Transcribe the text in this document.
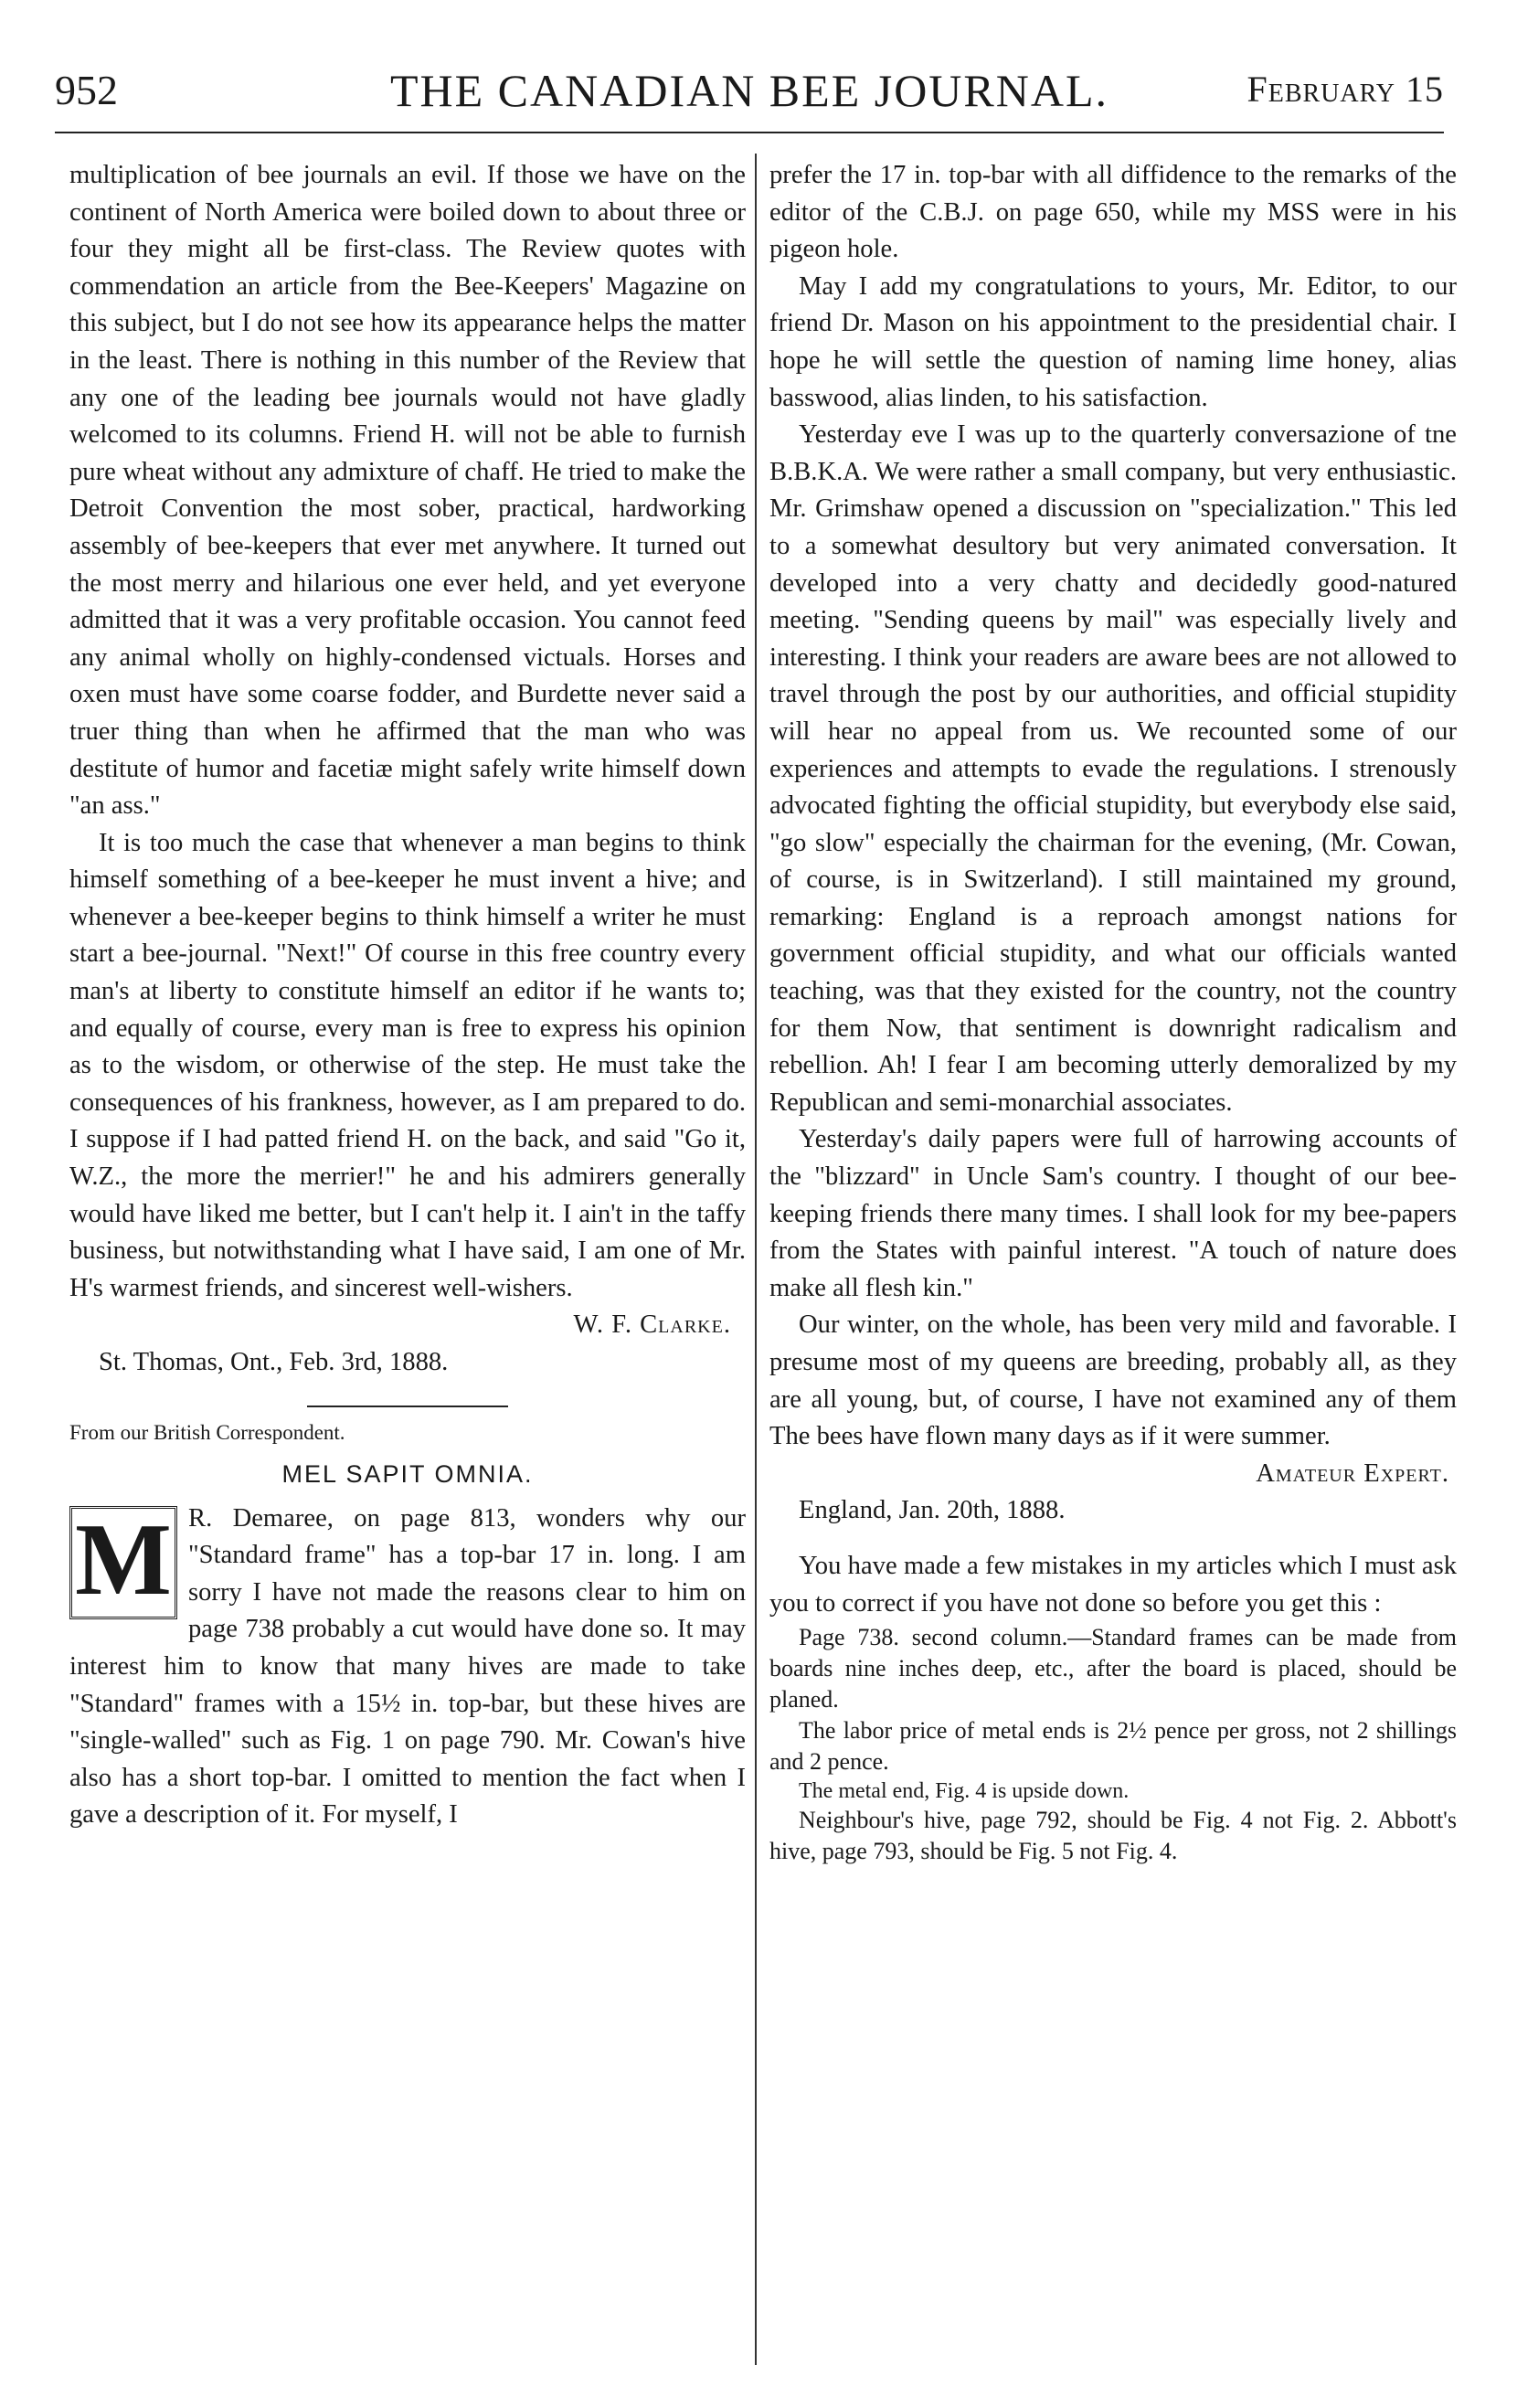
952	THE CANADIAN BEE JOURNAL.	February 15

multiplication of bee journals an evil. If those we have on the continent of North America were boiled down to about three or four they might all be first-class. The Review quotes with commendation an article from the Bee-Keepers' Magazine on this subject, but I do not see how its appearance helps the matter in the least. There is nothing in this number of the Review that any one of the leading bee journals would not have gladly welcomed to its columns. Friend H. will not be able to furnish pure wheat without any admixture of chaff. He tried to make the Detroit Convention the most sober, practical, hardworking assembly of bee-keepers that ever met anywhere. It turned out the most merry and hilarious one ever held, and yet everyone admitted that it was a very profitable occasion. You cannot feed any animal wholly on highly-condensed victuals. Horses and oxen must have some coarse fodder, and Burdette never said a truer thing than when he affirmed that the man who was destitute of humor and facetiæ might safely write himself down "an ass."

It is too much the case that whenever a man begins to think himself something of a bee-keeper he must invent a hive; and whenever a bee-keeper begins to think himself a writer he must start a bee-journal. "Next!" Of course in this free country every man's at liberty to constitute himself an editor if he wants to; and equally of course, every man is free to express his opinion as to the wisdom, or otherwise of the step. He must take the consequences of his frankness, however, as I am prepared to do. I suppose if I had patted friend H. on the back, and said "Go it, W.Z., the more the merrier!" he and his admirers generally would have liked me better, but I can't help it. I ain't in the taffy business, but notwithstanding what I have said, I am one of Mr. H's warmest friends, and sincerest well-wishers.

W. F. Clarke.

St. Thomas, Ont., Feb. 3rd, 1888.

From our British Correspondent.

MEL SAPIT OMNIA.
M R. Demaree, on page 813, wonders why our "Standard frame" has a top-bar 17 in. long. I am sorry I have not made the reasons clear to him on page 738 probably a cut would have done so. It may interest him to know that many hives are made to take "Standard" frames with a 15½ in. top-bar, but these hives are "single-walled" such as Fig. 1 on page 790. Mr. Cowan's hive also has a short top-bar. I omitted to mention the fact when I gave a description of it. For myself, I

prefer the 17 in. top-bar with all diffidence to the remarks of the editor of the C.B.J. on page 650, while my MSS were in his pigeon hole.

May I add my congratulations to yours, Mr. Editor, to our friend Dr. Mason on his appointment to the presidential chair. I hope he will settle the question of naming lime honey, alias basswood, alias linden, to his satisfaction.

Yesterday eve I was up to the quarterly conversazione of tne B.B.K.A. We were rather a small company, but very enthusiastic. Mr. Grimshaw opened a discussion on "specialization." This led to a somewhat desultory but very animated conversation. It developed into a very chatty and decidedly good-natured meeting. "Sending queens by mail" was especially lively and interesting. I think your readers are aware bees are not allowed to travel through the post by our authorities, and official stupidity will hear no appeal from us. We recounted some of our experiences and attempts to evade the regulations. I strenously advocated fighting the official stupidity, but everybody else said, "go slow" especially the chairman for the evening, (Mr. Cowan, of course, is in Switzerland). I still maintained my ground, remarking: England is a reproach amongst nations for government official stupidity, and what our officials wanted teaching, was that they existed for the country, not the country for them Now, that sentiment is downright radicalism and rebellion. Ah! I fear I am becoming utterly demoralized by my Republican and semi-monarchial associates.

Yesterday's daily papers were full of harrowing accounts of the "blizzard" in Uncle Sam's country. I thought of our bee-keeping friends there many times. I shall look for my bee-papers from the States with painful interest. "A touch of nature does make all flesh kin."

Our winter, on the whole, has been very mild and favorable. I presume most of my queens are breeding, probably all, as they are all young, but, of course, I have not examined any of them The bees have flown many days as if it were summer.

Amateur Expert.

England, Jan. 20th, 1888.

You have made a few mistakes in my articles which I must ask you to correct if you have not done so before you get this :

Page 738. second column.—Standard frames can be made from boards nine inches deep, etc., after the board is placed, should be planed.

The labor price of metal ends is 2½ pence per gross, not 2 shillings and 2 pence.

The metal end, Fig. 4 is upside down.

Neighbour's hive, page 792, should be Fig. 4 not Fig. 2. Abbott's hive, page 793, should be Fig. 5 not Fig. 4.
